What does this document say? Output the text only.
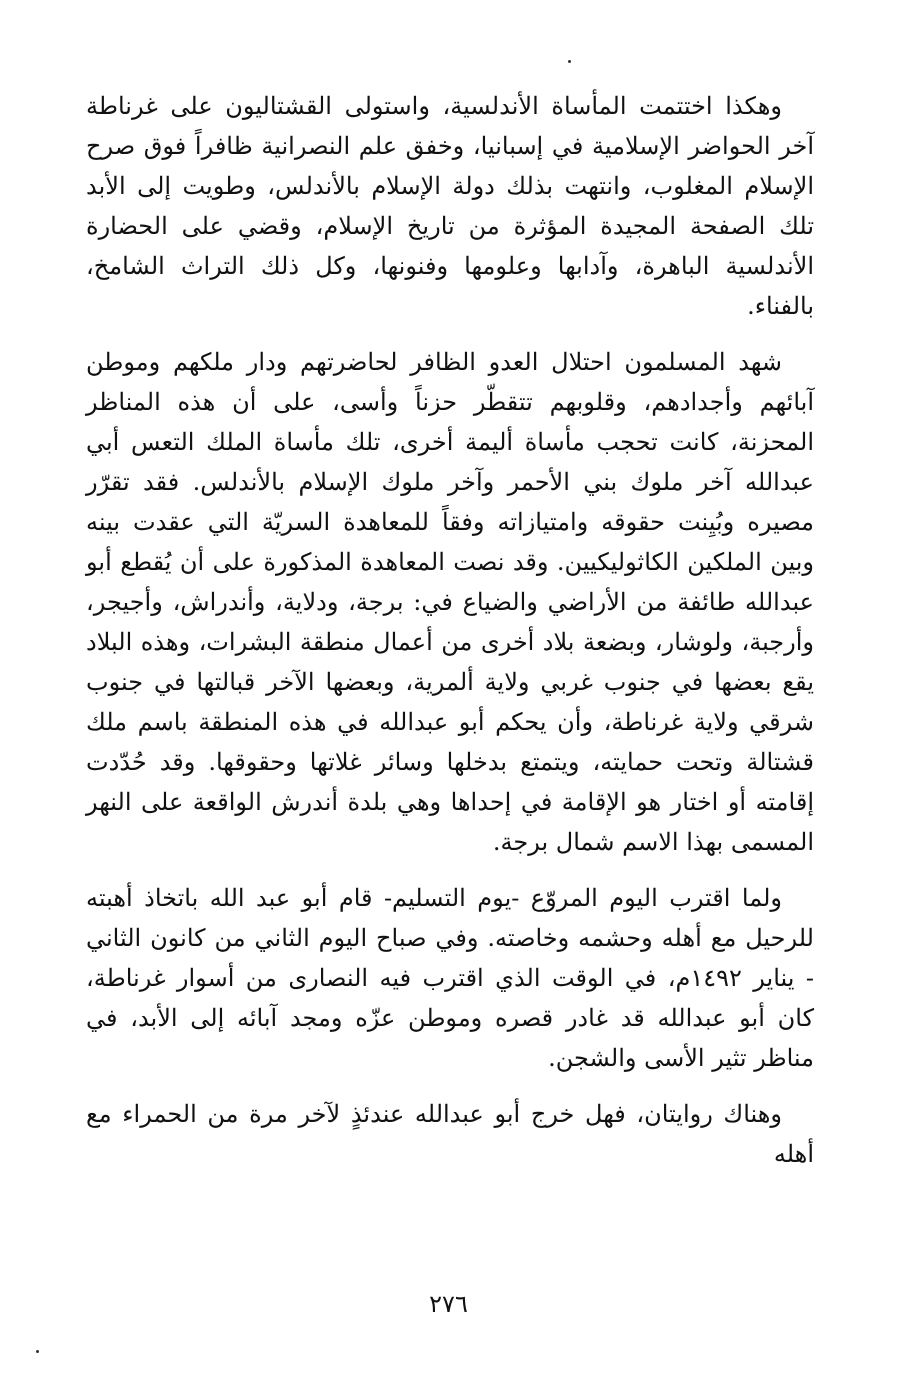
وهكذا اختتمت المأساة الأندلسية، واستولى القشتاليون على غرناطة آخر الحواضر الإسلامية في إسبانيا، وخفق علم النصرانية ظافراً فوق صرح الإسلام المغلوب، وانتهت بذلك دولة الإسلام بالأندلس، وطويت إلى الأبد تلك الصفحة المجيدة المؤثرة من تاريخ الإسلام، وقضي على الحضارة الأندلسية الباهرة، وآدابها وعلومها وفنونها، وكل ذلك التراث الشامخ، بالفناء.

شهد المسلمون احتلال العدو الظافر لحاضرتهم ودار ملكهم وموطن آبائهم وأجدادهم، وقلوبهم تتقطّر حزناً وأسى، على أن هذه المناظر المحزنة، كانت تحجب مأساة أليمة أخرى، تلك مأساة الملك التعس أبي عبدالله آخر ملوك بني الأحمر وآخر ملوك الإسلام بالأندلس. فقد تقرّر مصيره وبُيِنت حقوقه وامتيازاته وفقاً للمعاهدة السريّة التي عقدت بينه وبين الملكين الكاثوليكيين. وقد نصت المعاهدة المذكورة على أن يُقطع أبو عبدالله طائفة من الأراضي والضياع في: برجة، ودلاية، وأندراش، وأجيجر، وأرجبة، ولوشار، وبضعة بلاد أخرى من أعمال منطقة البشرات، وهذه البلاد يقع بعضها في جنوب غربي ولاية ألمرية، وبعضها الآخر قبالتها في جنوب شرقي ولاية غرناطة، وأن يحكم أبو عبدالله في هذه المنطقة باسم ملك قشتالة وتحت حمايته، ويتمتع بدخلها وسائر غلاتها وحقوقها. وقد حُدّدت إقامته أو اختار هو الإقامة في إحداها وهي بلدة أندرش الواقعة على النهر المسمى بهذا الاسم شمال برجة.

ولما اقترب اليوم المروّع -يوم التسليم- قام أبو عبد الله باتخاذ أهبته للرحيل مع أهله وحشمه وخاصته. وفي صباح اليوم الثاني من كانون الثاني - يناير ١٤٩٢م، في الوقت الذي اقترب فيه النصارى من أسوار غرناطة، كان أبو عبدالله قد غادر قصره وموطن عزّه ومجد آبائه إلى الأبد، في مناظر تثير الأسى والشجن.

وهناك روايتان، فهل خرج أبو عبدالله عندئذٍ لآخر مرة من الحمراء مع أهله

٢٧٦
